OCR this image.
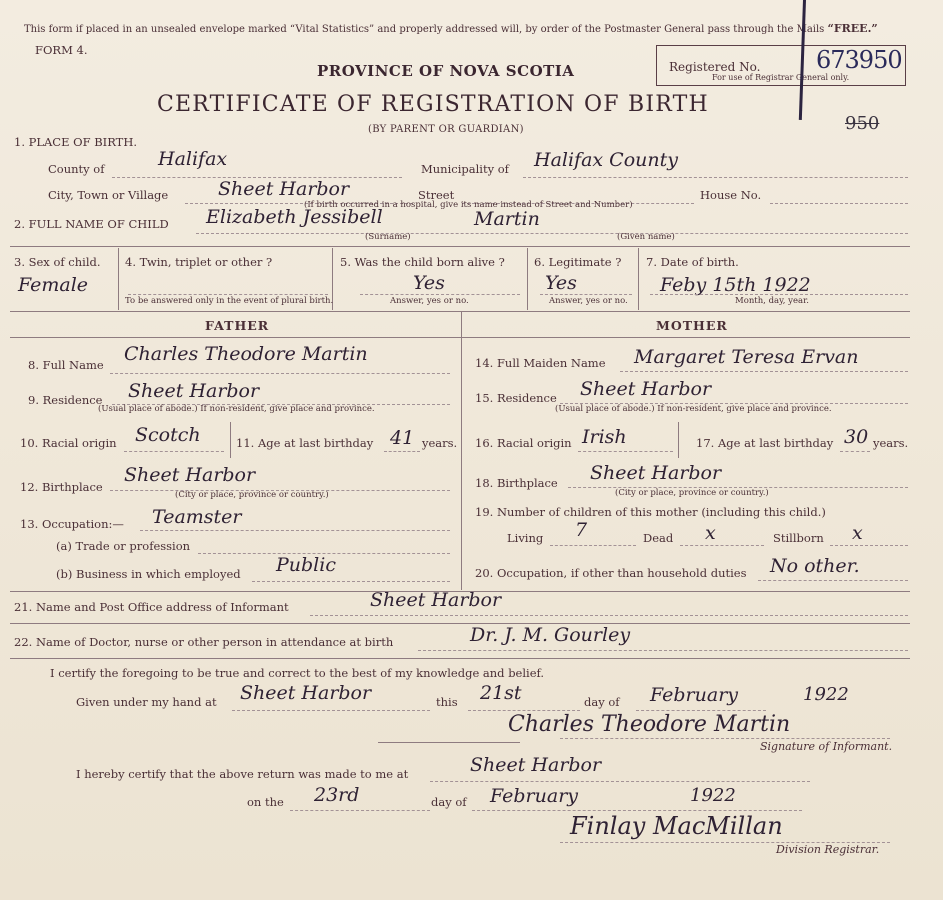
This form if placed in an unsealed envelope marked “Vital Statistics” and properly addressed will, by order of the Postmaster General pass through the Mails “FREE.”
FORM 4.
PROVINCE OF NOVA SCOTIA
CERTIFICATE OF REGISTRATION OF BIRTH
(BY PARENT OR GUARDIAN)
Registered No.
For use of Registrar General only.
673950
950
1. PLACE OF BIRTH.
County of	Halifax	Municipality of Halifax County
City, Town or Village	Sheet Harbor	Street	House No.
(If birth occurred in a hospital, give its name instead of Street and Number)
2. FULL NAME OF CHILD Elizabeth Jessibell	Martin
(Surname)	(Given name)
3. Sex of child.
Female
4. Twin, triplet or other ?
To be answered only in the event of plural birth.
5. Was the child born alive ?
Yes
Answer, yes or no.
6. Legitimate ?
Yes
Answer, yes or no.
7. Date of birth.
Feby 15th 1922
Month, day, year.
FATHER	MOTHER
8. Full Name Charles Theodore Martin
9. Residence Sheet Harbor
(Usual place of abode.) If non-resident, give place and province.
10. Racial origin Scotch	11. Age at last birthday 41 years.
12. Birthplace
Sheet Harbor
(City or place, province or country.)
13. Occupation:— Teamster
(a) Trade or profession
(b) Business in which employed Public
14. Full Maiden Name Margaret Teresa Ervan
15. Residence Sheet Harbor
(Usual place of abode.) If non-resident, give place and province.
16. Racial origin Irish	17. Age at last birthday 30 years.
18. Birthplace Sheet Harbor
(City or place, province or country.)
19. Number of children of this mother (including this child.)
Living 7	Dead x	Stillborn x
20. Occupation, if other than household duties No other.
21. Name and Post Office address of Informant	Sheet Harbor
22. Name of Doctor, nurse or other person in attendance at birth	Dr. J. M. Gourley
I certify the foregoing to be true and correct to the best of my knowledge and belief.
Given under my hand at Sheet Harbor	this 21st	day of February	1922
Charles Theodore Martin
Signature of Informant.
I hereby certify that the above return was made to me at	Sheet Harbor
on the 23rd	day of February	1922
Finlay MacMillan
Division Registrar.
